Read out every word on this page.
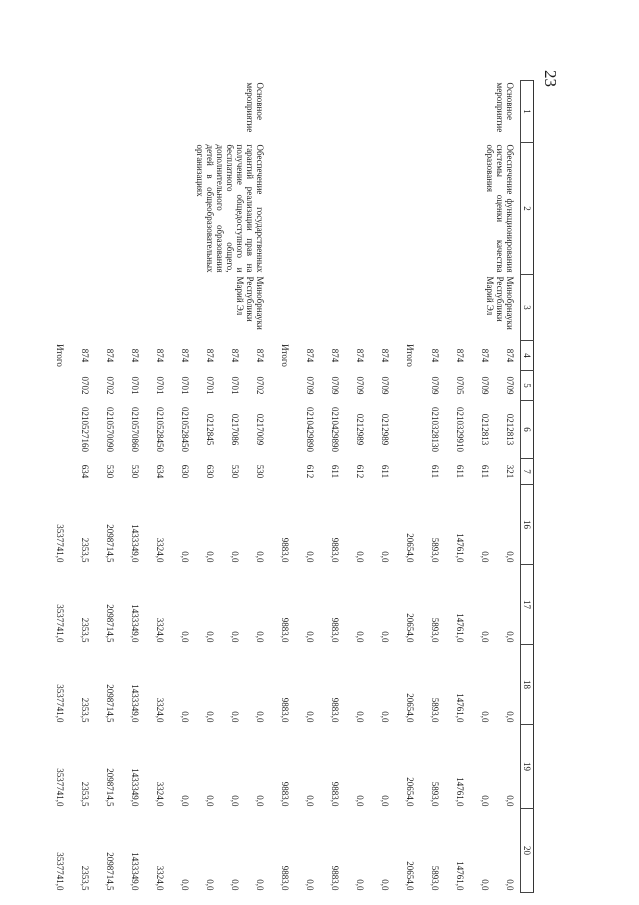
23
1	2	3	4	5	6	7	16	17	18	19	20
Основное мероприятие	Обеспечение функционирования системы оценки качества образования	Минобрнауки Республики Марий Эл	874	0709	0212813	321	0,0	0,0	0,0	0,0	0,0
			874	0709	0212813	611	0,0	0,0	0,0	0,0	0,0
			874	0705	0210329910	611	14761,0	14761,0	14761,0	14761,0	14761,0
			874	0709	0210328130	611	5893,0	5893,0	5893,0	5893,0	5893,0
			Итого				20654,0	20654,0	20654,0	20654,0	20654,0
			874	0709	0212989	611	0,0	0,0	0,0	0,0	0,0
			874	0709	0212989	612	0,0	0,0	0,0	0,0	0,0
			874	0709	0210429890	611	9883,0	9883,0	9883,0	9883,0	9883,0
			874	0709	0210429890	612	0,0	0,0	0,0	0,0	0,0
			Итого				9883,0	9883,0	9883,0	9883,0	9883,0
Основное мероприятие	Обеспечение государственных гарантий реализации прав на получение общедоступного и бесплатного общего, дополнительного образования детей в общеобразовательных организациях	Минобрнауки Республики Марий Эл	874	0702	0217009	530	0,0	0,0	0,0	0,0	0,0
			874	0701	0217086	530	0,0	0,0	0,0	0,0	0,0
			874	0701	0212845	630	0,0	0,0	0,0	0,0	0,0
			874	0701	0210528450	630	0,0	0,0	0,0	0,0	0,0
			874	0701	0210528450	634	3324,0	3324,0	3324,0	3324,0	3324,0
			874	0701	0210570860	530	1433349,0	1433349,0	1433349,0	1433349,0	1433349,0
			874	0702	0210570090	530	2098714,5	2098714,5	2098714,5	2098714,5	2098714,5
			874	0702	0210527160	634	2353,5	2353,5	2353,5	2353,5	2353,5
			Итого				3537741,0	3537741,0	3537741,0	3537741,0	3537741,0
